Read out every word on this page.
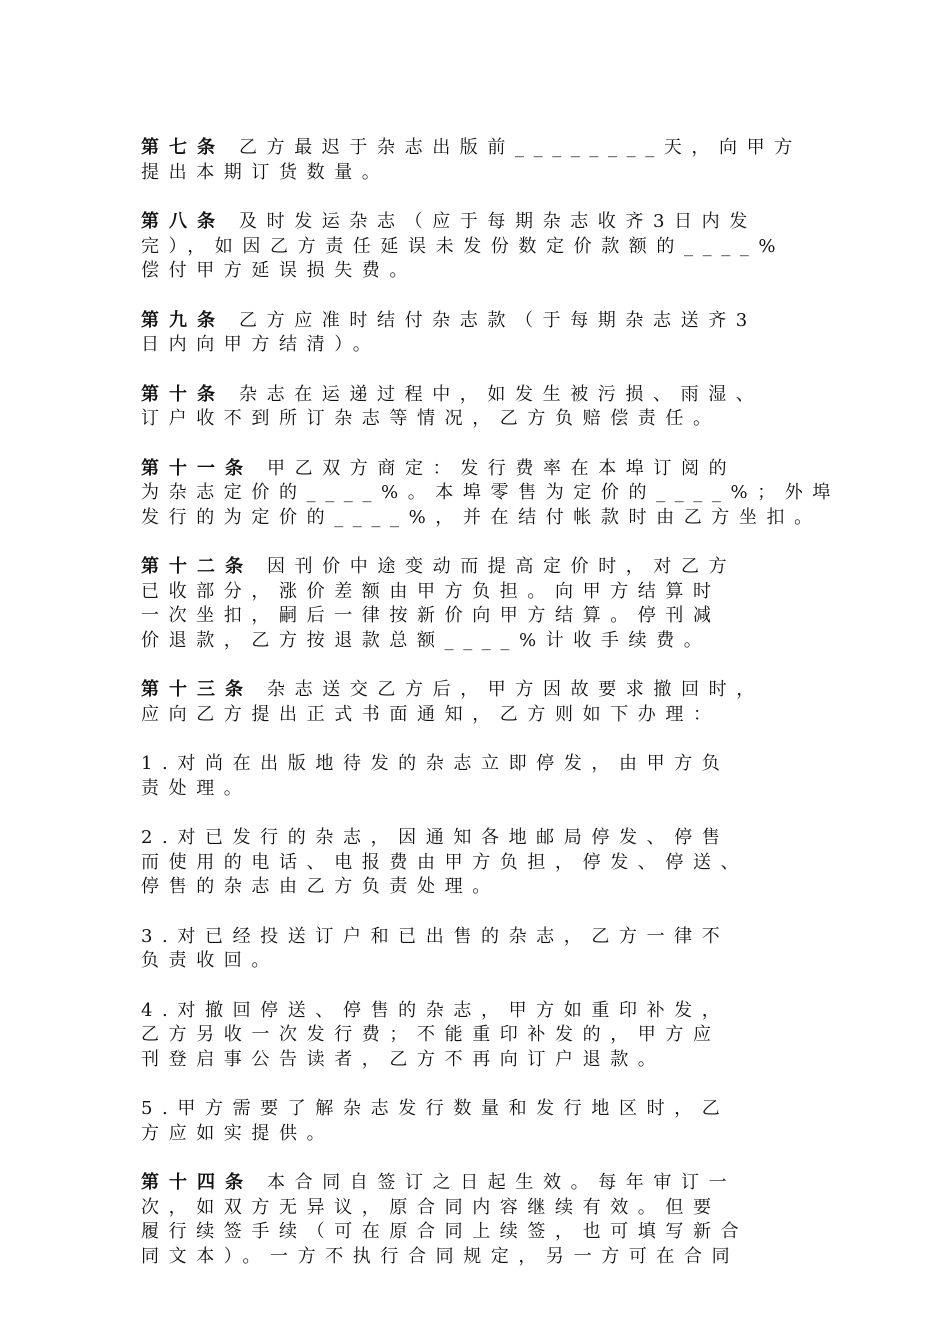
第七条 乙方最迟于杂志出版前________天，向甲方
提出本期订货数量。
第八条 及时发运杂志（应于每期杂志收齐3日内发
完），如因乙方责任延误未发份数定价款额的____%
偿付甲方延误损失费。
第九条 乙方应准时结付杂志款（于每期杂志送齐3
日内向甲方结清）。
第十条 杂志在运递过程中，如发生被污损、雨湿、
订户收不到所订杂志等情况，乙方负赔偿责任。
第十一条 甲乙双方商定：发行费率在本埠订阅的
为杂志定价的____%。本埠零售为定价的____%；外埠
发行的为定价的____%，并在结付帐款时由乙方坐扣。
第十二条 因刊价中途变动而提高定价时，对乙方
已收部分，涨价差额由甲方负担。向甲方结算时
一次坐扣，嗣后一律按新价向甲方结算。停刊减
价退款，乙方按退款总额____%计收手续费。
第十三条 杂志送交乙方后，甲方因故要求撤回时，
应向乙方提出正式书面通知，乙方则如下办理：
1.对尚在出版地待发的杂志立即停发，由甲方负
责处理。
2.对已发行的杂志，因通知各地邮局停发、停售
而使用的电话、电报费由甲方负担，停发、停送、
停售的杂志由乙方负责处理。
3.对已经投送订户和已出售的杂志，乙方一律不
负责收回。
4.对撤回停送、停售的杂志，甲方如重印补发，
乙方另收一次发行费；不能重印补发的，甲方应
刊登启事公告读者，乙方不再向订户退款。
5.甲方需要了解杂志发行数量和发行地区时，乙
方应如实提供。
第十四条 本合同自签订之日起生效。每年审订一
次，如双方无异议，原合同内容继续有效。但要
履行续签手续（可在原合同上续签，也可填写新合
同文本）。一方不执行合同规定，另一方可在合同
